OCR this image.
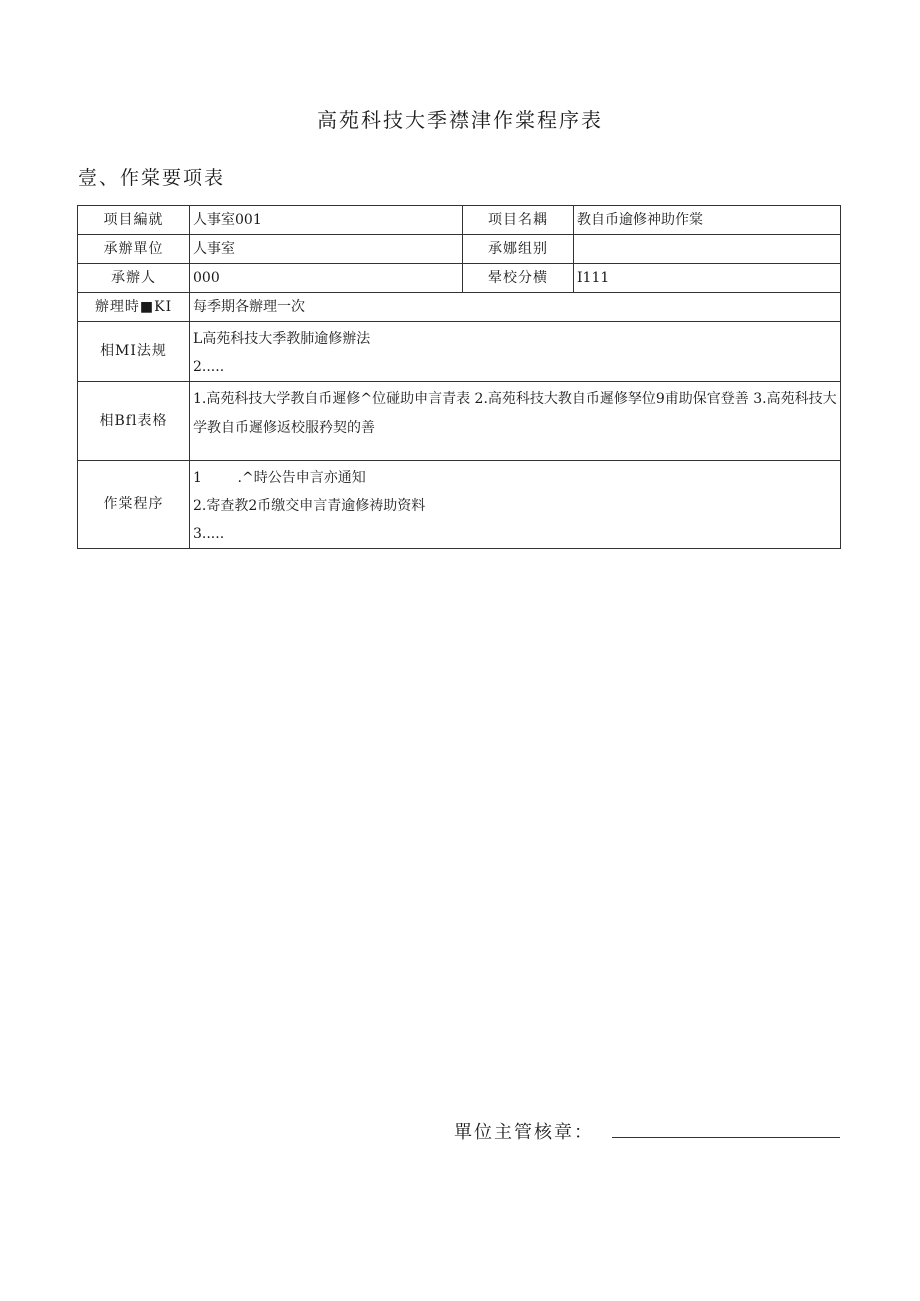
高苑科技大季襟津作棠程序表
壹、作棠要项表
项目編就	人事室001	项目名耦	教自币逾修神助作棠
承辦單位	人事室	承娜组别	
承辦人	000	晕校分横	I111
辦理時■KI	每季期各辦理一次		
相MI法规	L高苑科技大季教肺逾修辦法
2.....		

相Bfl表格	1.高苑科技大学教自币遲修^位碰助申言青表 2.高苑科技大教自币遲修孥位9甫助保官登善 3.高苑科技大学教自币遲修返校服矜契的善		

作棠程序	1        .^時公告申言亦通知
2.寄查教2币缴交申言青逾修祷助资料
3.....		
單位主管核章：
